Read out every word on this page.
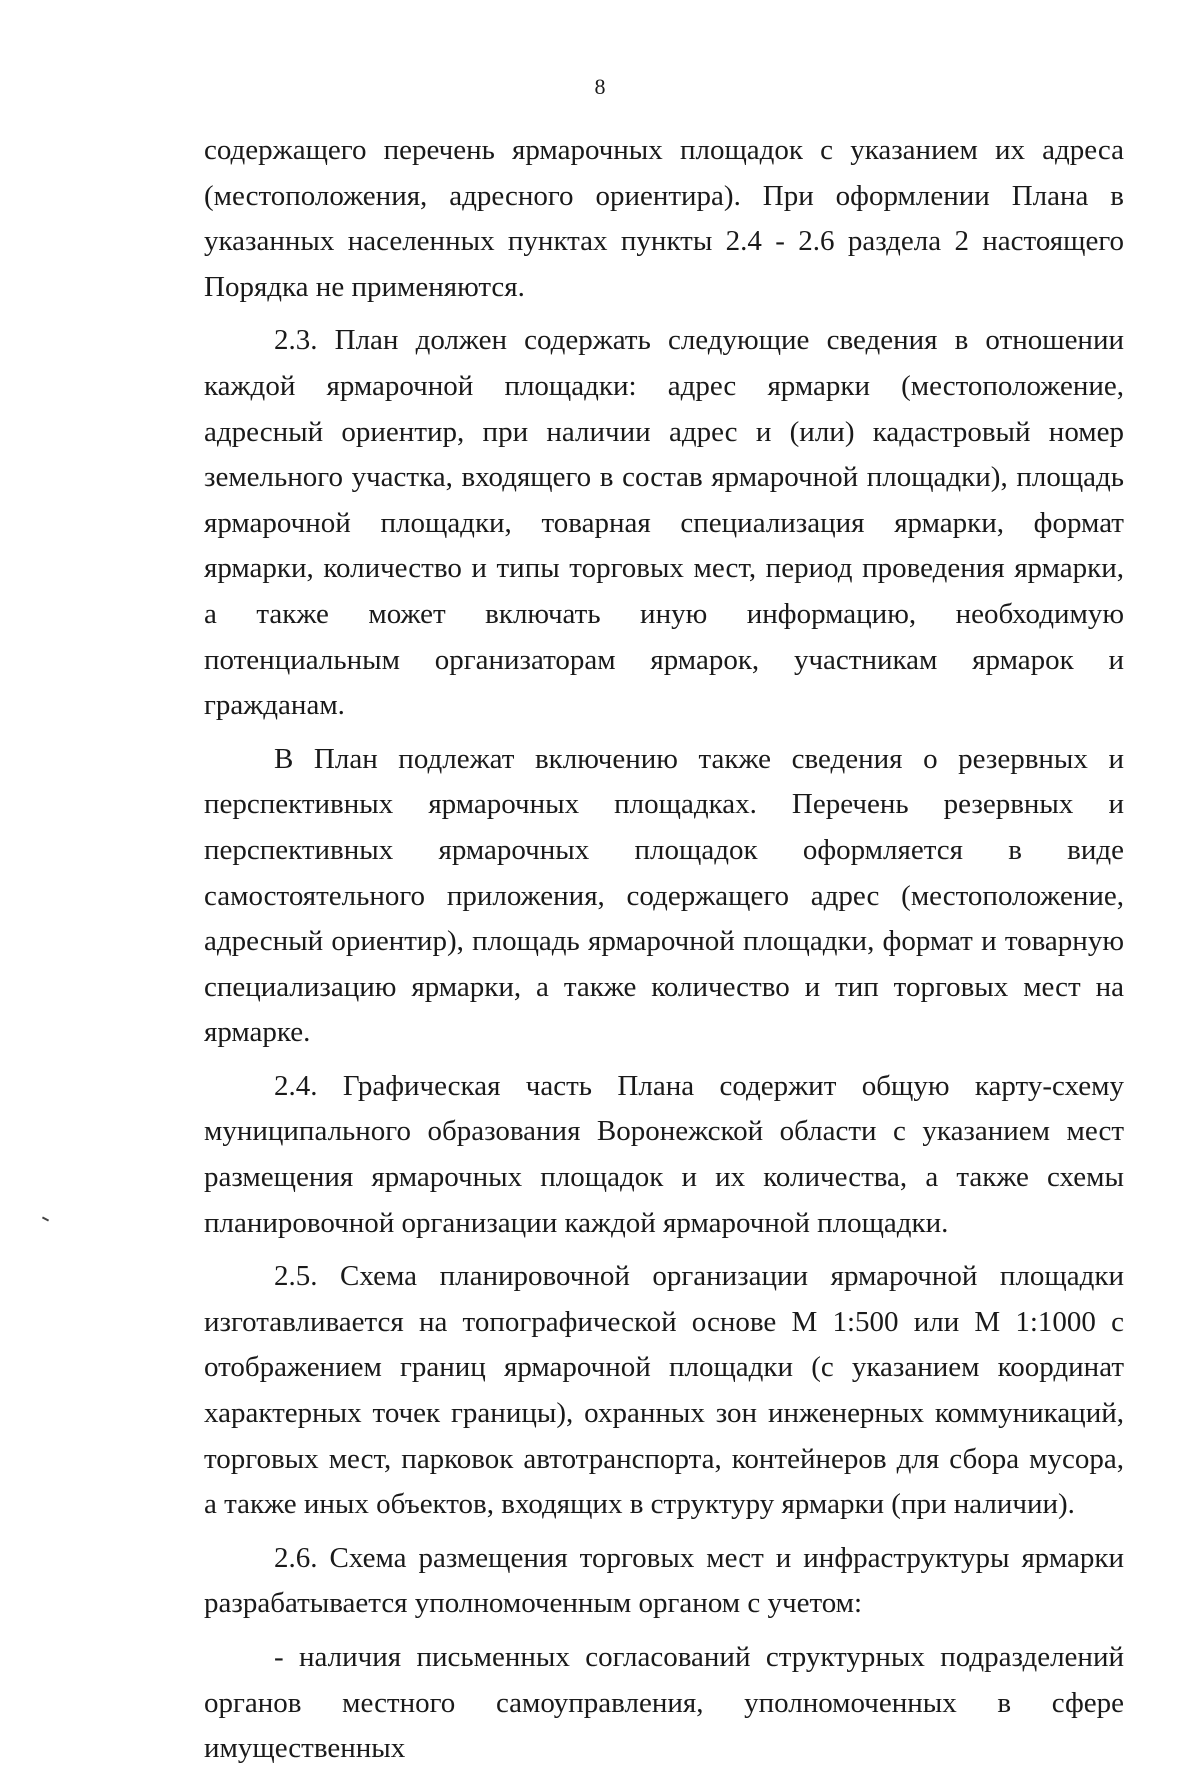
8

содержащего перечень ярмарочных площадок с указанием их адреса (местоположения, адресного ориентира). При оформлении Плана в указанных населенных пунктах пункты 2.4 - 2.6 раздела 2 настоящего Порядка не применяются.

2.3. План должен содержать следующие сведения в отношении каждой ярмарочной площадки: адрес ярмарки (местоположение, адресный ориентир, при наличии адрес и (или) кадастровый номер земельного участка, входящего в состав ярмарочной площадки), площадь ярмарочной площадки, товарная специализация ярмарки, формат ярмарки, количество и типы торговых мест, период проведения ярмарки, а также может включать иную информацию, необходимую потенциальным организаторам ярмарок, участникам ярмарок и гражданам.

В План подлежат включению также сведения о резервных и перспективных ярмарочных площадках. Перечень резервных и перспективных ярмарочных площадок оформляется в виде самостоятельного приложения, содержащего адрес (местоположение, адресный ориентир), площадь ярмарочной площадки, формат и товарную специализацию ярмарки, а также количество и тип торговых мест на ярмарке.

2.4. Графическая часть Плана содержит общую карту-схему муниципального образования Воронежской области с указанием мест размещения ярмарочных площадок и их количества, а также схемы планировочной организации каждой ярмарочной площадки.

2.5. Схема планировочной организации ярмарочной площадки изготавливается на топографической основе М 1:500 или М 1:1000 с отображением границ ярмарочной площадки (с указанием координат характерных точек границы), охранных зон инженерных коммуникаций, торговых мест, парковок автотранспорта, контейнеров для сбора мусора, а также иных объектов, входящих в структуру ярмарки (при наличии).

2.6. Схема размещения торговых мест и инфраструктуры ярмарки разрабатывается уполномоченным органом с учетом:

- наличия письменных согласований структурных подразделений органов местного самоуправления, уполномоченных в сфере имущественных
